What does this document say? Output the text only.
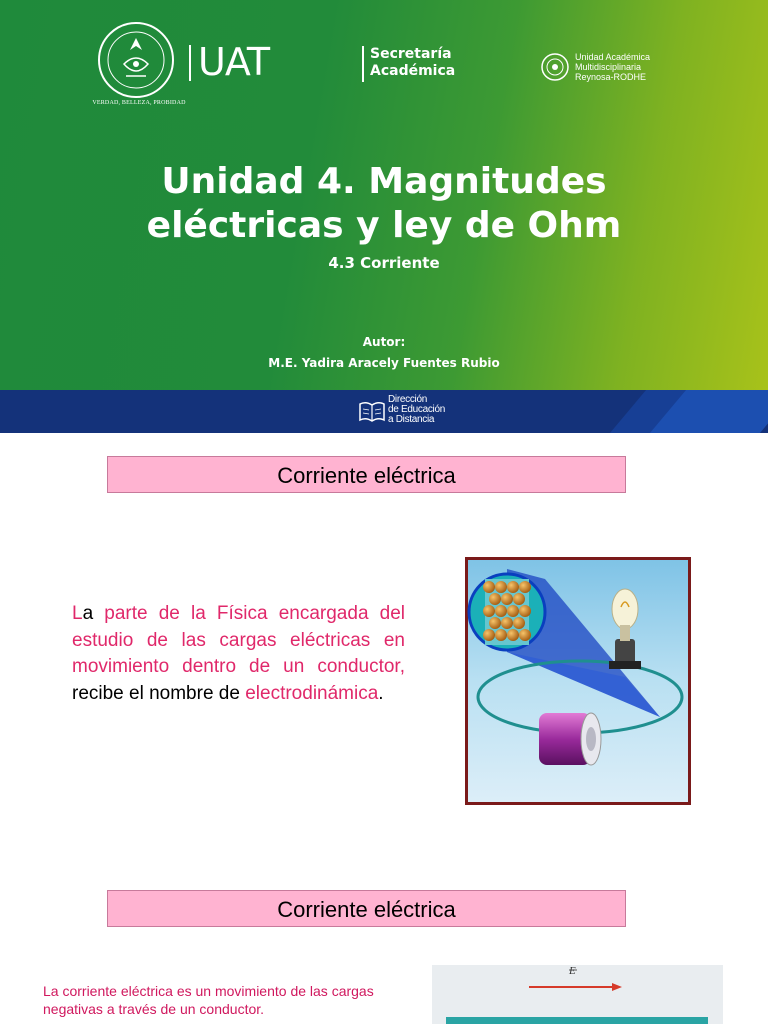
VERDAD, BELLEZA, PROBIDAD
UAT	Secretaría
Académica
Unidad Académica
Multidisciplinaria
Reynosa-RODHE
Unidad 4. Magnitudes
eléctricas y ley de Ohm
4.3 Corriente
Autor:
M.E. Yadira Aracely Fuentes Rubio
Dirección
de Educación
a Distancia
Corriente eléctrica
La parte de la Física encargada del estudio de las cargas eléctricas en movimiento dentro de un conductor, recibe el nombre de electrodinámica.
Corriente eléctrica
La corriente eléctrica es un movimiento de las cargas negativas a través de un conductor.
E
